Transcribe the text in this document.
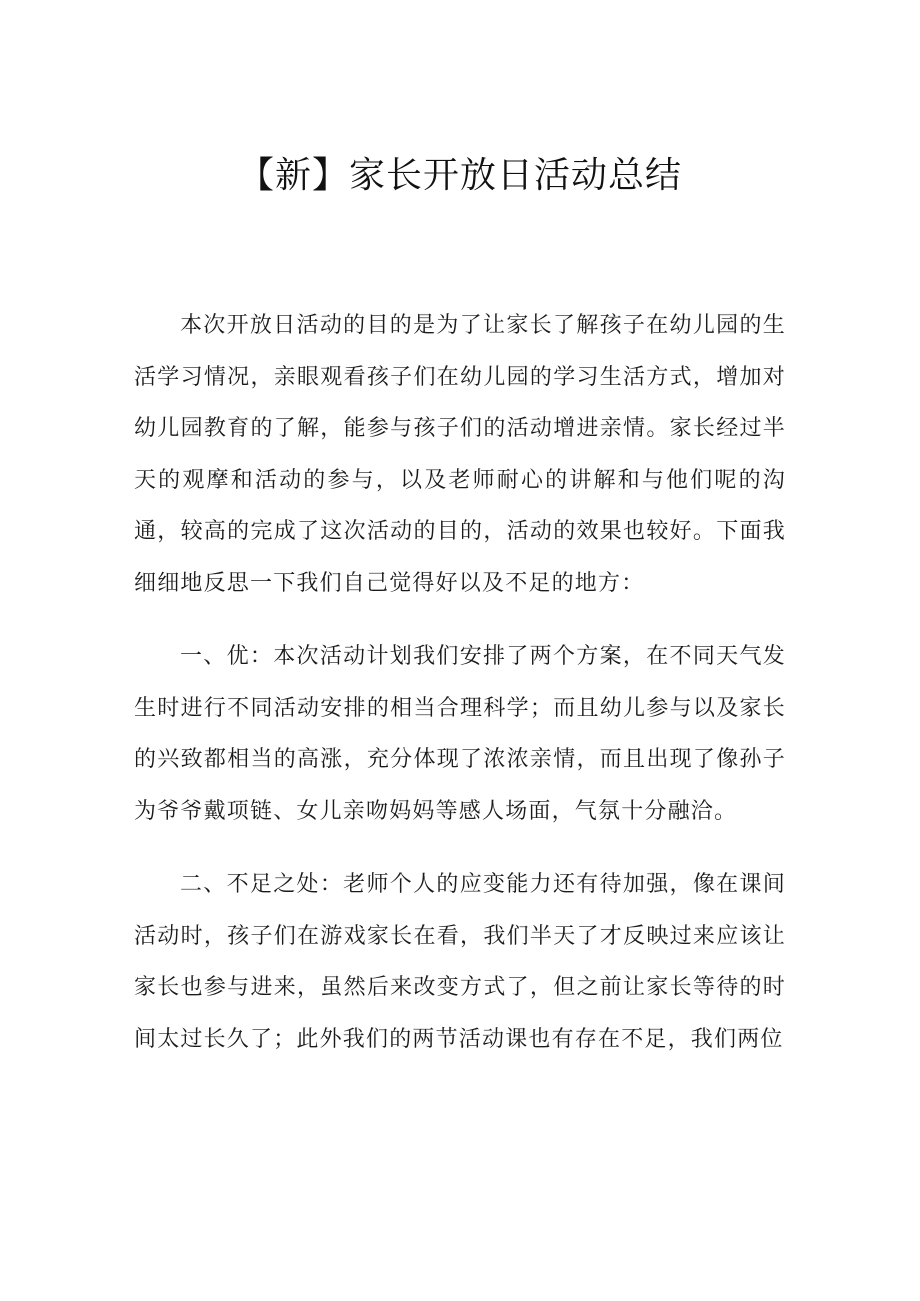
【新】家长开放日活动总结

本次开放日活动的目的是为了让家长了解孩子在幼儿园的生活学习情况，亲眼观看孩子们在幼儿园的学习生活方式，增加对幼儿园教育的了解，能参与孩子们的活动增进亲情。家长经过半天的观摩和活动的参与，以及老师耐心的讲解和与他们呢的沟通，较高的完成了这次活动的目的，活动的效果也较好。下面我细细地反思一下我们自己觉得好以及不足的地方：

一、优：本次活动计划我们安排了两个方案，在不同天气发生时进行不同活动安排的相当合理科学；而且幼儿参与以及家长的兴致都相当的高涨，充分体现了浓浓亲情，而且出现了像孙子为爷爷戴项链、女儿亲吻妈妈等感人场面，气氛十分融洽。

二、不足之处：老师个人的应变能力还有待加强，像在课间活动时，孩子们在游戏家长在看，我们半天了才反映过来应该让家长也参与进来，虽然后来改变方式了，但之前让家长等待的时间太过长久了；此外我们的两节活动课也有存在不足，我们两位
